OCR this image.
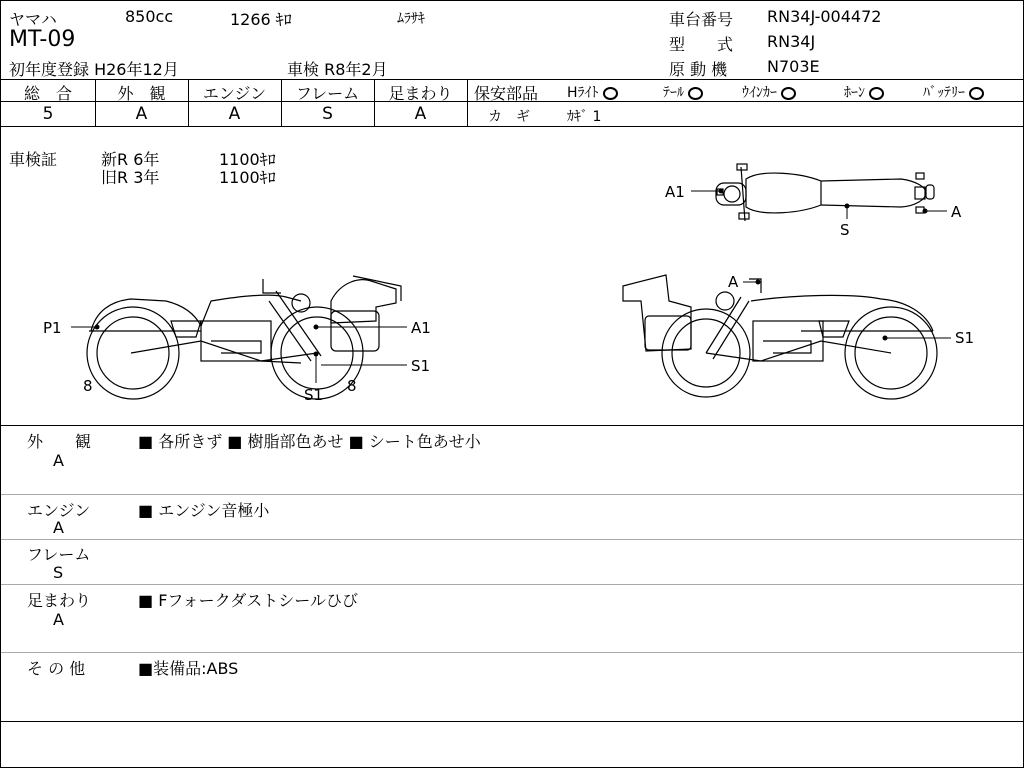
ヤマハ	850cc	1266 ｷﾛ	ﾑﾗｻｷ
MT-09
初年度登録 H26年12月	車検 R8年2月
車台番号 RN34J-004472
型　　式 RN34J
原 動 機 N703E
総　合	外　観	エンジン	フレーム	足まわり
5	A	A	S	A
保安部品 Hﾗｲﾄ	ﾃｰﾙ	ｳｲﾝｶｰ	ﾎｰﾝ	ﾊﾞｯﾃﾘｰ
カ　ギ	ｶｷﾞ 1
車検証	新R 6年	1100ｷﾛ
旧R 3年	1100ｷﾛ
A1
S
A
P1	A1
S1
8	S1 8
A
S1
外　　観
A
■ 各所きず ■ 樹脂部色あせ ■ シート色あせ小
エンジン
A
■ エンジン音極小
フレーム
S
足まわり
A
■ Fフォークダストシールひび
そ の 他	■装備品:ABS
